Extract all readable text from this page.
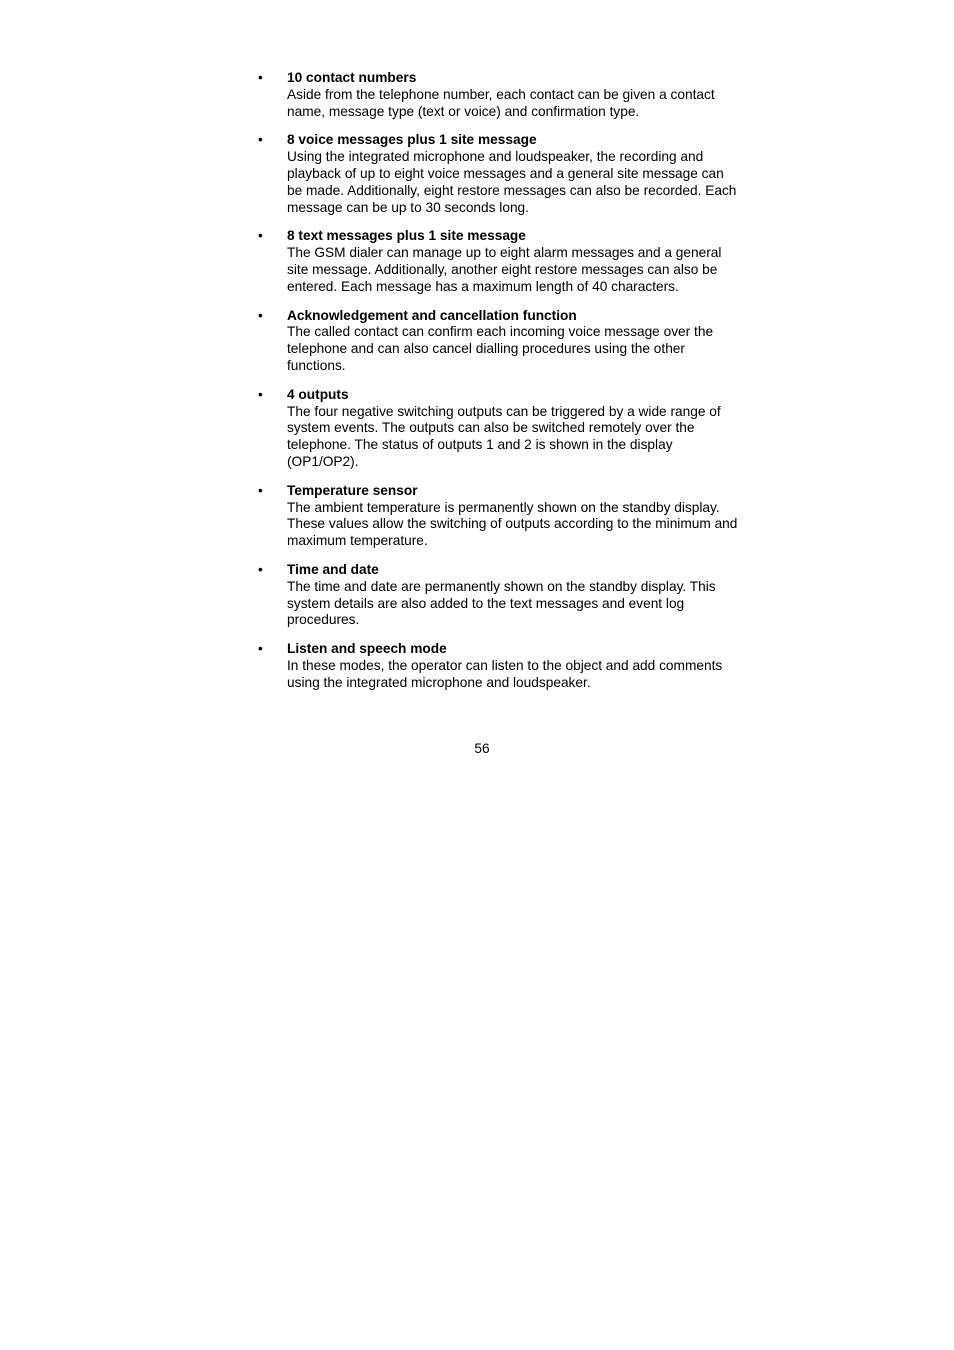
• 10 contact numbers
Aside from the telephone number, each contact can be given a contact name, message type (text or voice) and confirmation type.
• 8 voice messages plus 1 site message
Using the integrated microphone and loudspeaker, the recording and playback of up to eight voice messages and a general site message can be made. Additionally, eight restore messages can also be recorded. Each message can be up to 30 seconds long.
• 8 text messages plus 1 site message
The GSM dialer can manage up to eight alarm messages and a general site message. Additionally, another eight restore messages can also be entered. Each message has a maximum length of 40 characters.
• Acknowledgement and cancellation function
The called contact can confirm each incoming voice message over the telephone and can also cancel dialling procedures using the other functions.
• 4 outputs
The four negative switching outputs can be triggered by a wide range of system events. The outputs can also be switched remotely over the telephone. The status of outputs 1 and 2 is shown in the display (OP1/OP2).
• Temperature sensor
The ambient temperature is permanently shown on the standby display. These values allow the switching of outputs according to the minimum and maximum temperature.
• Time and date
The time and date are permanently shown on the standby display. This system details are also added to the text messages and event log procedures.
• Listen and speech mode
In these modes, the operator can listen to the object and add comments using the integrated microphone and loudspeaker.
56
